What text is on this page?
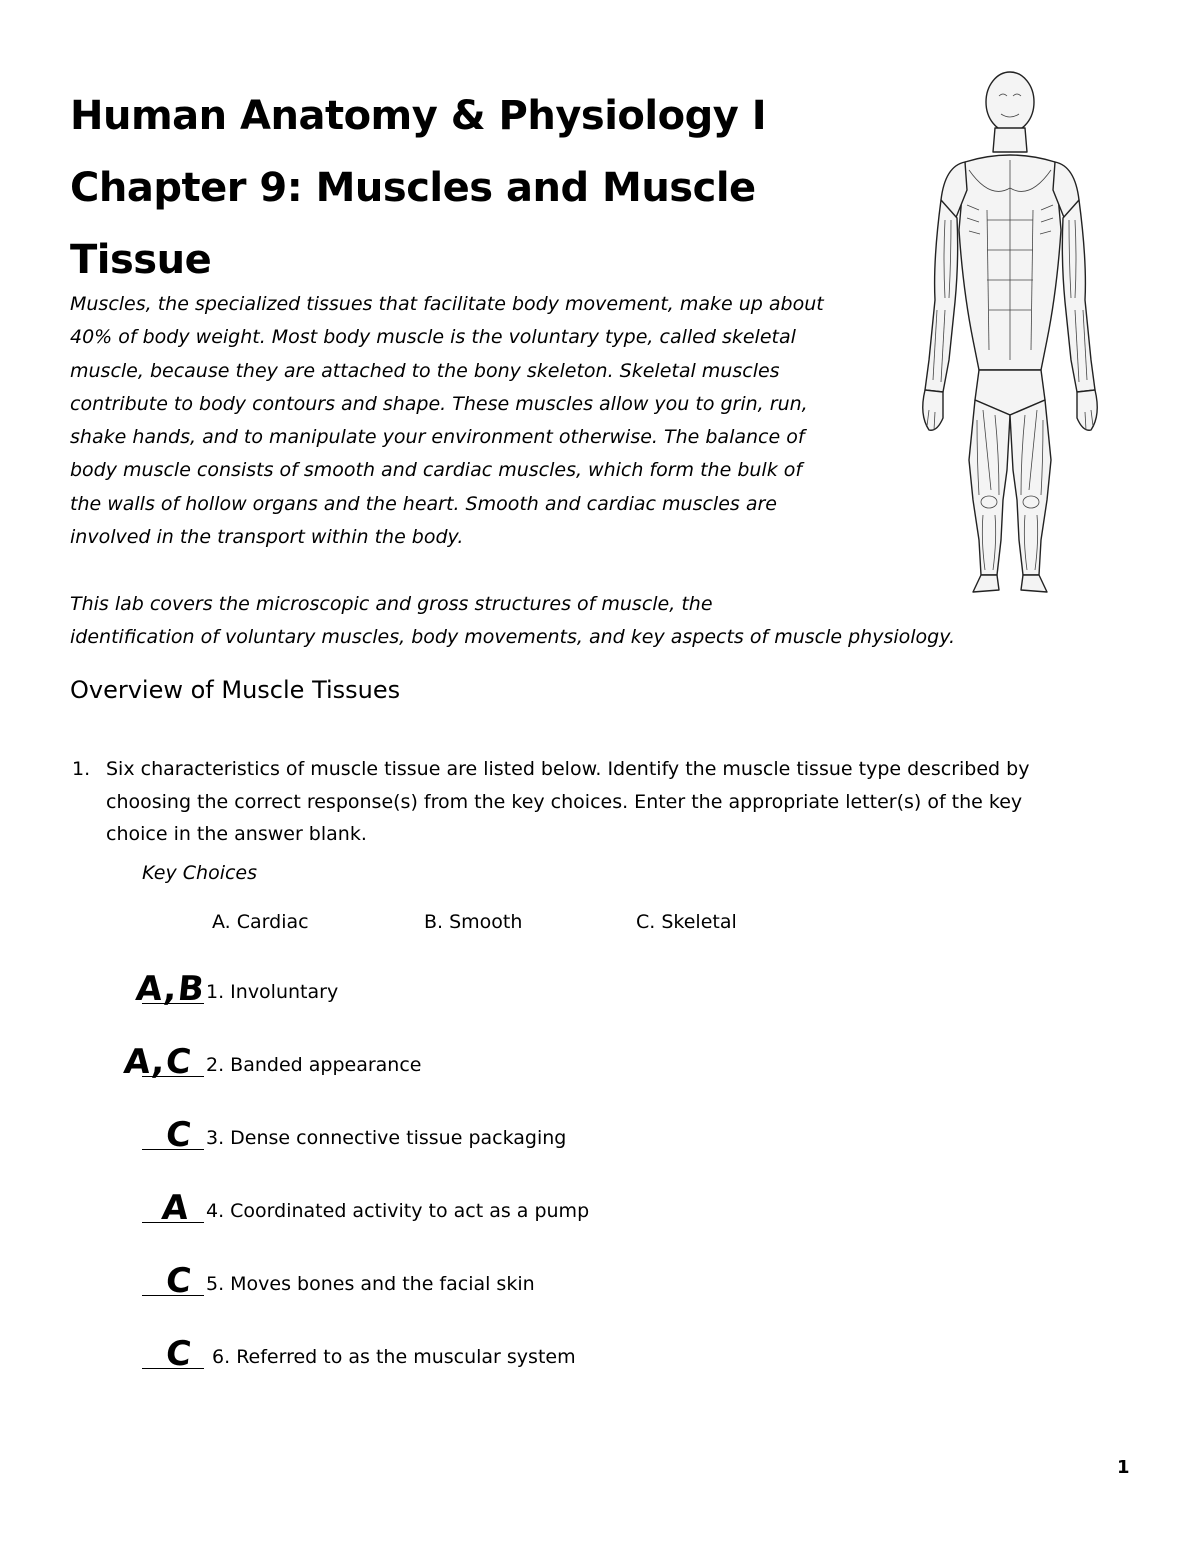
Human Anatomy & Physiology I
Chapter 9: Muscles and Muscle
Tissue
Muscles, the specialized tissues that facilitate body movement, make up about
40% of body weight. Most body muscle is the voluntary type, called skeletal
muscle, because they are attached to the bony skeleton. Skeletal muscles
contribute to body contours and shape. These muscles allow you to grin, run,
shake hands, and to manipulate your environment otherwise. The balance of
body muscle consists of smooth and cardiac muscles, which form the bulk of
the walls of hollow organs and the heart. Smooth and cardiac muscles are
involved in the transport within the body.
This lab covers the microscopic and gross structures of muscle, the
identification of voluntary muscles, body movements, and key aspects of muscle physiology.
Overview of Muscle Tissues
1. Six characteristics of muscle tissue are listed below. Identify the muscle tissue type described by
choosing the correct response(s) from the key choices. Enter the appropriate letter(s) of the key
choice in the answer blank.
Key Choices
A. Cardiac	B. Smooth	C. Skeletal
A,B 1. Involuntary
A,C 2. Banded appearance
C 3. Dense connective tissue packaging
A 4. Coordinated activity to act as a pump
C 5. Moves bones and the facial skin
C 6. Referred to as the muscular system
1
